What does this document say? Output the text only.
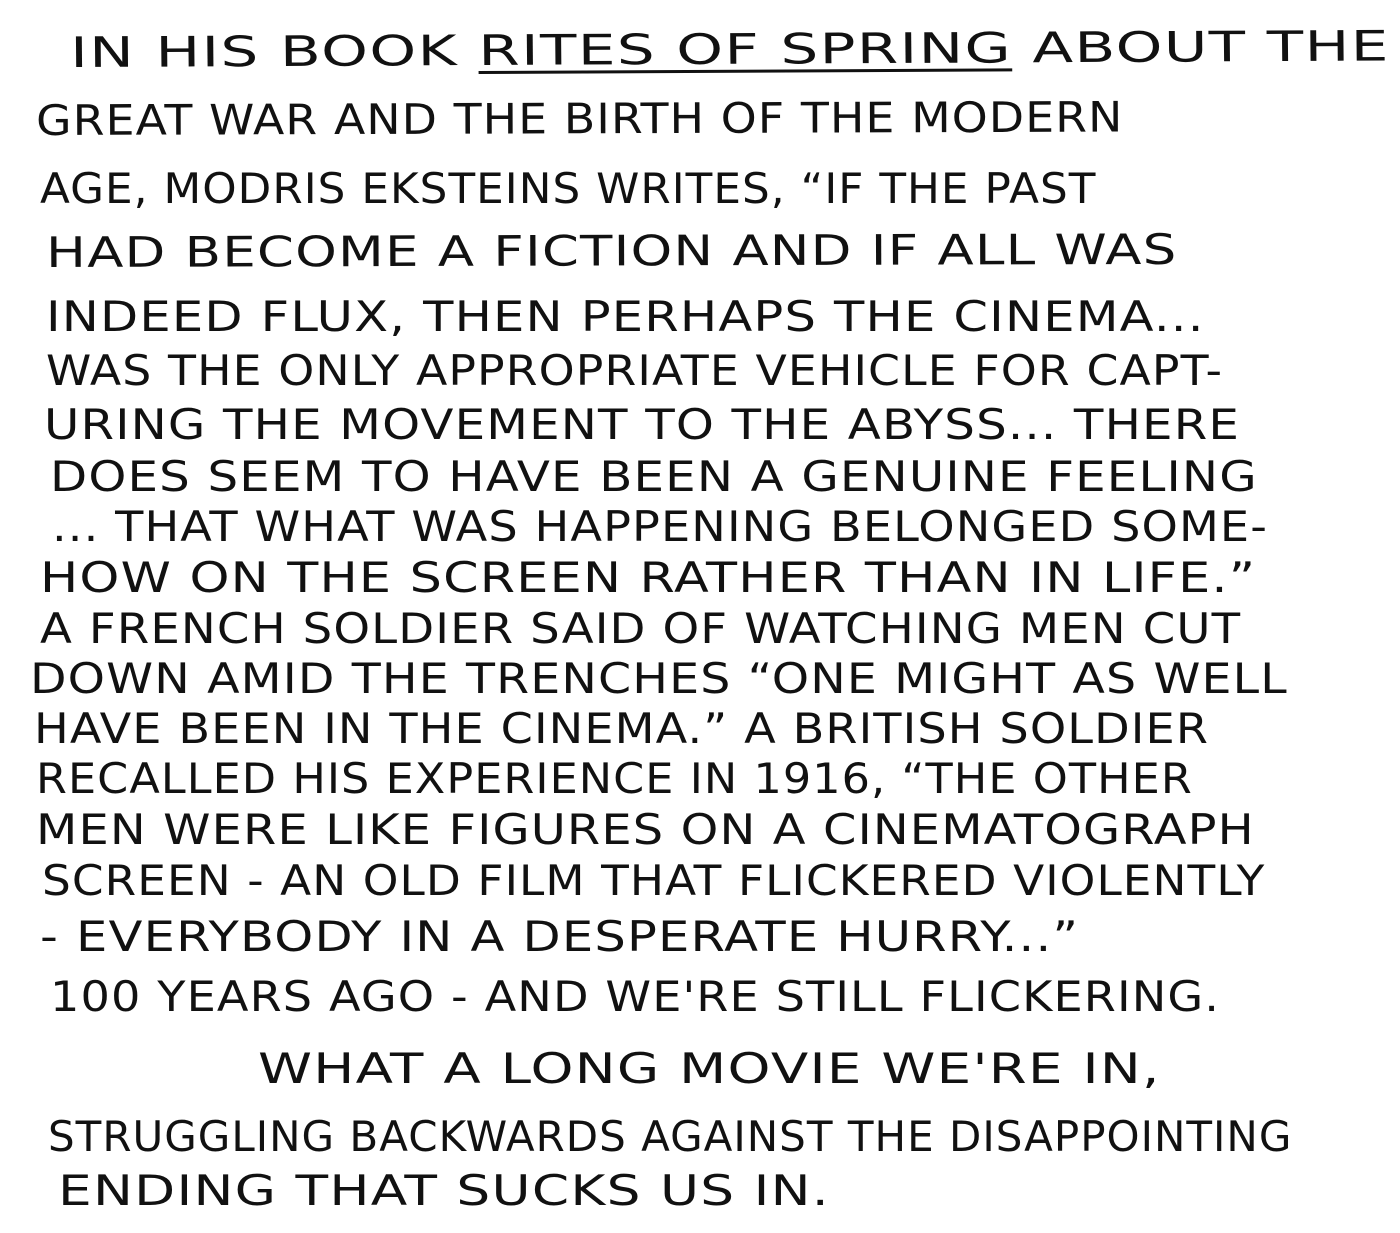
IN HIS BOOK RITES OF SPRING ABOUT THE
GREAT WAR AND THE BIRTH OF THE MODERN
AGE, MODRIS EKSTEINS WRITES, “IF THE PAST
HAD BECOME A FICTION AND IF ALL WAS
INDEED FLUX, THEN PERHAPS THE CINEMA...
WAS THE ONLY APPROPRIATE VEHICLE FOR CAPT-
URING THE MOVEMENT TO THE ABYSS... THERE
DOES SEEM TO HAVE BEEN A GENUINE FEELING
... THAT WHAT WAS HAPPENING BELONGED SOME-
HOW ON THE SCREEN RATHER THAN IN LIFE.”
A FRENCH SOLDIER SAID OF WATCHING MEN CUT
DOWN AMID THE TRENCHES “ONE MIGHT AS WELL
HAVE BEEN IN THE CINEMA.” A BRITISH SOLDIER
RECALLED HIS EXPERIENCE IN 1916, “THE OTHER
MEN WERE LIKE FIGURES ON A CINEMATOGRAPH
SCREEN - AN OLD FILM THAT FLICKERED VIOLENTLY
- EVERYBODY IN A DESPERATE HURRY...”
100 YEARS AGO - AND WE'RE STILL FLICKERING.
WHAT A LONG MOVIE WE'RE IN,
STRUGGLING BACKWARDS AGAINST THE DISAPPOINTING
ENDING THAT SUCKS US IN.
